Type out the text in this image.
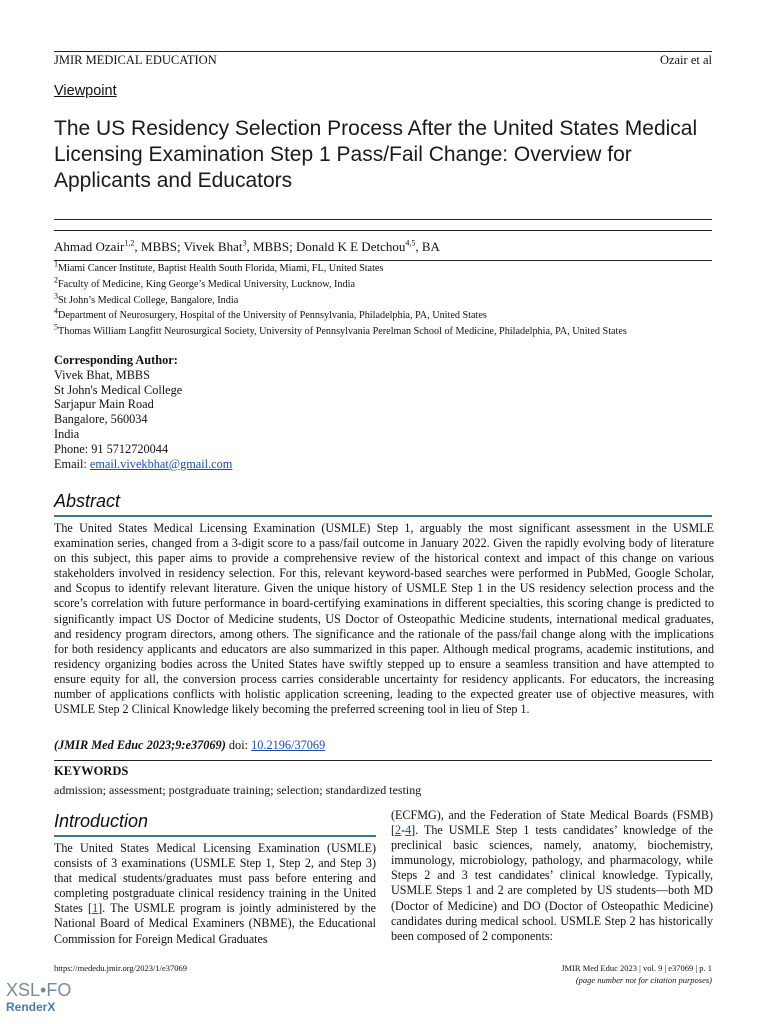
JMIR MEDICAL EDUCATION	Ozair et al
Viewpoint
The US Residency Selection Process After the United States Medical Licensing Examination Step 1 Pass/Fail Change: Overview for Applicants and Educators
Ahmad Ozair$^{1,2}$, MBBS; Vivek Bhat$^3$, MBBS; Donald K E Detchou$^{4,5}$, BA
$^1$Miami Cancer Institute, Baptist Health South Florida, Miami, FL, United States
$^2$Faculty of Medicine, King George’s Medical University, Lucknow, India
$^3$St John’s Medical College, Bangalore, India
$^4$Department of Neurosurgery, Hospital of the University of Pennsylvania, Philadelphia, PA, United States
$^5$Thomas William Langfitt Neurosurgical Society, University of Pennsylvania Perelman School of Medicine, Philadelphia, PA, United States
Corresponding Author:
Vivek Bhat, MBBS
St John's Medical College
Sarjapur Main Road
Bangalore, 560034
India
Phone: 91 5712720044
Email: email.vivekbhat@gmail.com
Abstract

The United States Medical Licensing Examination (USMLE) Step 1, arguably the most significant assessment in the USMLE examination series, changed from a 3-digit score to a pass/fail outcome in January 2022. Given the rapidly evolving body of literature on this subject, this paper aims to provide a comprehensive review of the historical context and impact of this change on various stakeholders involved in residency selection. For this, relevant keyword-based searches were performed in PubMed, Google Scholar, and Scopus to identify relevant literature. Given the unique history of USMLE Step 1 in the US residency selection process and the score’s correlation with future performance in board-certifying examinations in different specialties, this scoring change is predicted to significantly impact US Doctor of Medicine students, US Doctor of Osteopathic Medicine students, international medical graduates, and residency program directors, among others. The significance and the rationale of the pass/fail change along with the implications for both residency applicants and educators are also summarized in this paper. Although medical programs, academic institutions, and residency organizing bodies across the United States have swiftly stepped up to ensure a seamless transition and have attempted to ensure equity for all, the conversion process carries considerable uncertainty for residency applicants. For educators, the increasing number of applications conflicts with holistic application screening, leading to the expected greater use of objective measures, with USMLE Step 2 Clinical Knowledge likely becoming the preferred screening tool in lieu of Step 1.

(JMIR Med Educ 2023;9:e37069) doi: 10.2196/37069
KEYWORDS
admission; assessment; postgraduate training; selection; standardized testing
Introduction

The United States Medical Licensing Examination (USMLE) consists of 3 examinations (USMLE Step 1, Step 2, and Step 3) that medical students/graduates must pass before entering and completing postgraduate clinical residency training in the United States [1]. The USMLE program is jointly administered by the National Board of Medical Examiners (NBME), the Educational Commission for Foreign Medical Graduates

(ECFMG), and the Federation of State Medical Boards (FSMB) [2-4]. The USMLE Step 1 tests candidates’ knowledge of the preclinical basic sciences, namely, anatomy, biochemistry, immunology, microbiology, pathology, and pharmacology, while Steps 2 and 3 test candidates’ clinical knowledge. Typically, USMLE Steps 1 and 2 are completed by US students—both MD (Doctor of Medicine) and DO (Doctor of Osteopathic Medicine) candidates during medical school. USMLE Step 2 has historically been composed of 2 components:

https://mededu.jmir.org/2023/1/e37069	JMIR Med Educ 2023 | vol. 9 | e37069 | p. 1
(page number not for citation purposes)
XSL•FO
RenderX
